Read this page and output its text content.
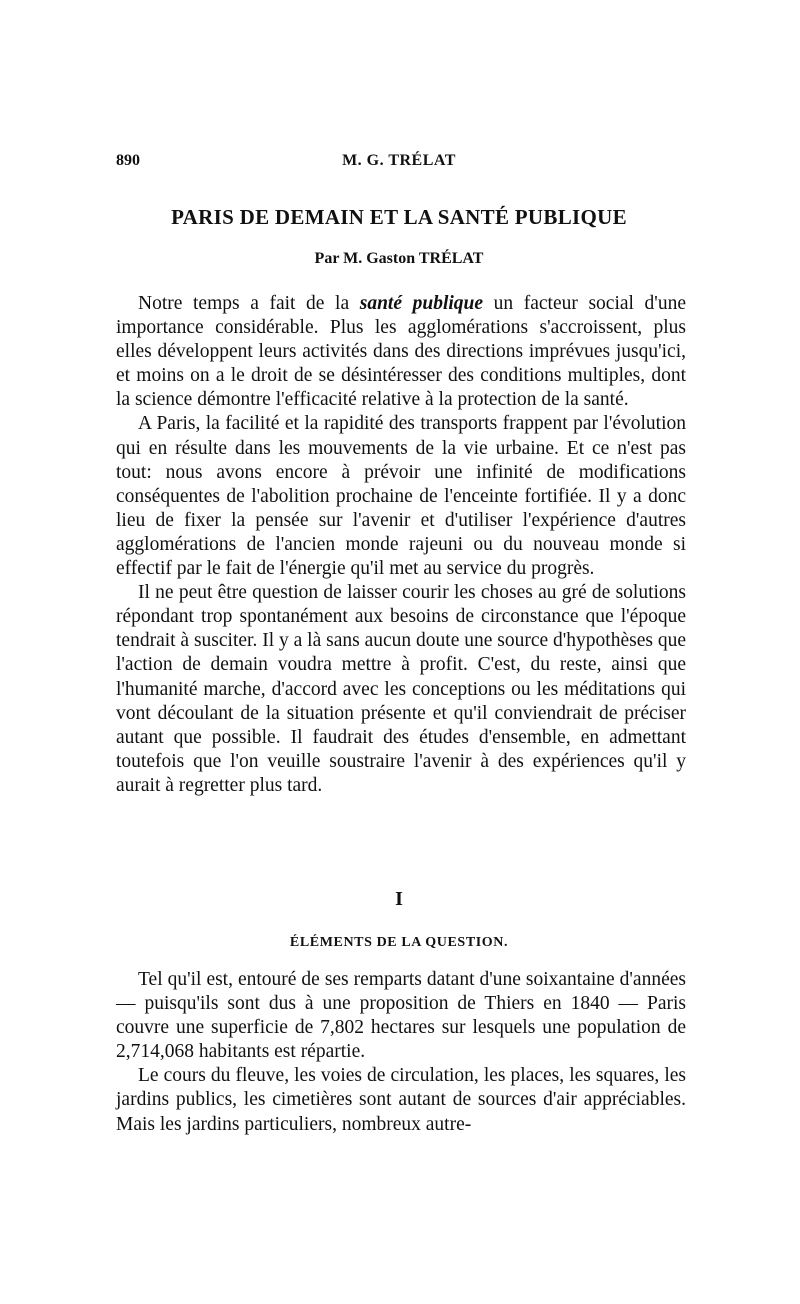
890	M. G. TRÉLAT
PARIS DE DEMAIN ET LA SANTÉ PUBLIQUE
Par M. Gaston TRÉLAT

Notre temps a fait de la santé publique un facteur social d'une importance considérable. Plus les agglomérations s'accroissent, plus elles développent leurs activités dans des directions imprévues jusqu'ici, et moins on a le droit de se désintéresser des conditions multiples, dont la science démontre l'efficacité relative à la protection de la santé.

A Paris, la facilité et la rapidité des transports frappent par l'évolution qui en résulte dans les mouvements de la vie urbaine. Et ce n'est pas tout: nous avons encore à prévoir une infinité de modifications conséquentes de l'abolition prochaine de l'enceinte fortifiée. Il y a donc lieu de fixer la pensée sur l'avenir et d'utiliser l'expérience d'autres agglomérations de l'ancien monde rajeuni ou du nouveau monde si effectif par le fait de l'énergie qu'il met au service du progrès.

Il ne peut être question de laisser courir les choses au gré de solutions répondant trop spontanément aux besoins de circonstance que l'époque tendrait à susciter. Il y a là sans aucun doute une source d'hypothèses que l'action de demain voudra mettre à profit. C'est, du reste, ainsi que l'humanité marche, d'accord avec les conceptions ou les méditations qui vont découlant de la situation présente et qu'il conviendrait de préciser autant que possible. Il faudrait des études d'ensemble, en admettant toutefois que l'on veuille soustraire l'avenir à des expériences qu'il y aurait à regretter plus tard.

I
ÉLÉMENTS DE LA QUESTION.

Tel qu'il est, entouré de ses remparts datant d'une soixantaine d'années — puisqu'ils sont dus à une proposition de Thiers en 1840 — Paris couvre une superficie de 7,802 hectares sur lesquels une population de 2,714,068 habitants est répartie.

Le cours du fleuve, les voies de circulation, les places, les squares, les jardins publics, les cimetières sont autant de sources d'air appréciables. Mais les jardins particuliers, nombreux autre-
